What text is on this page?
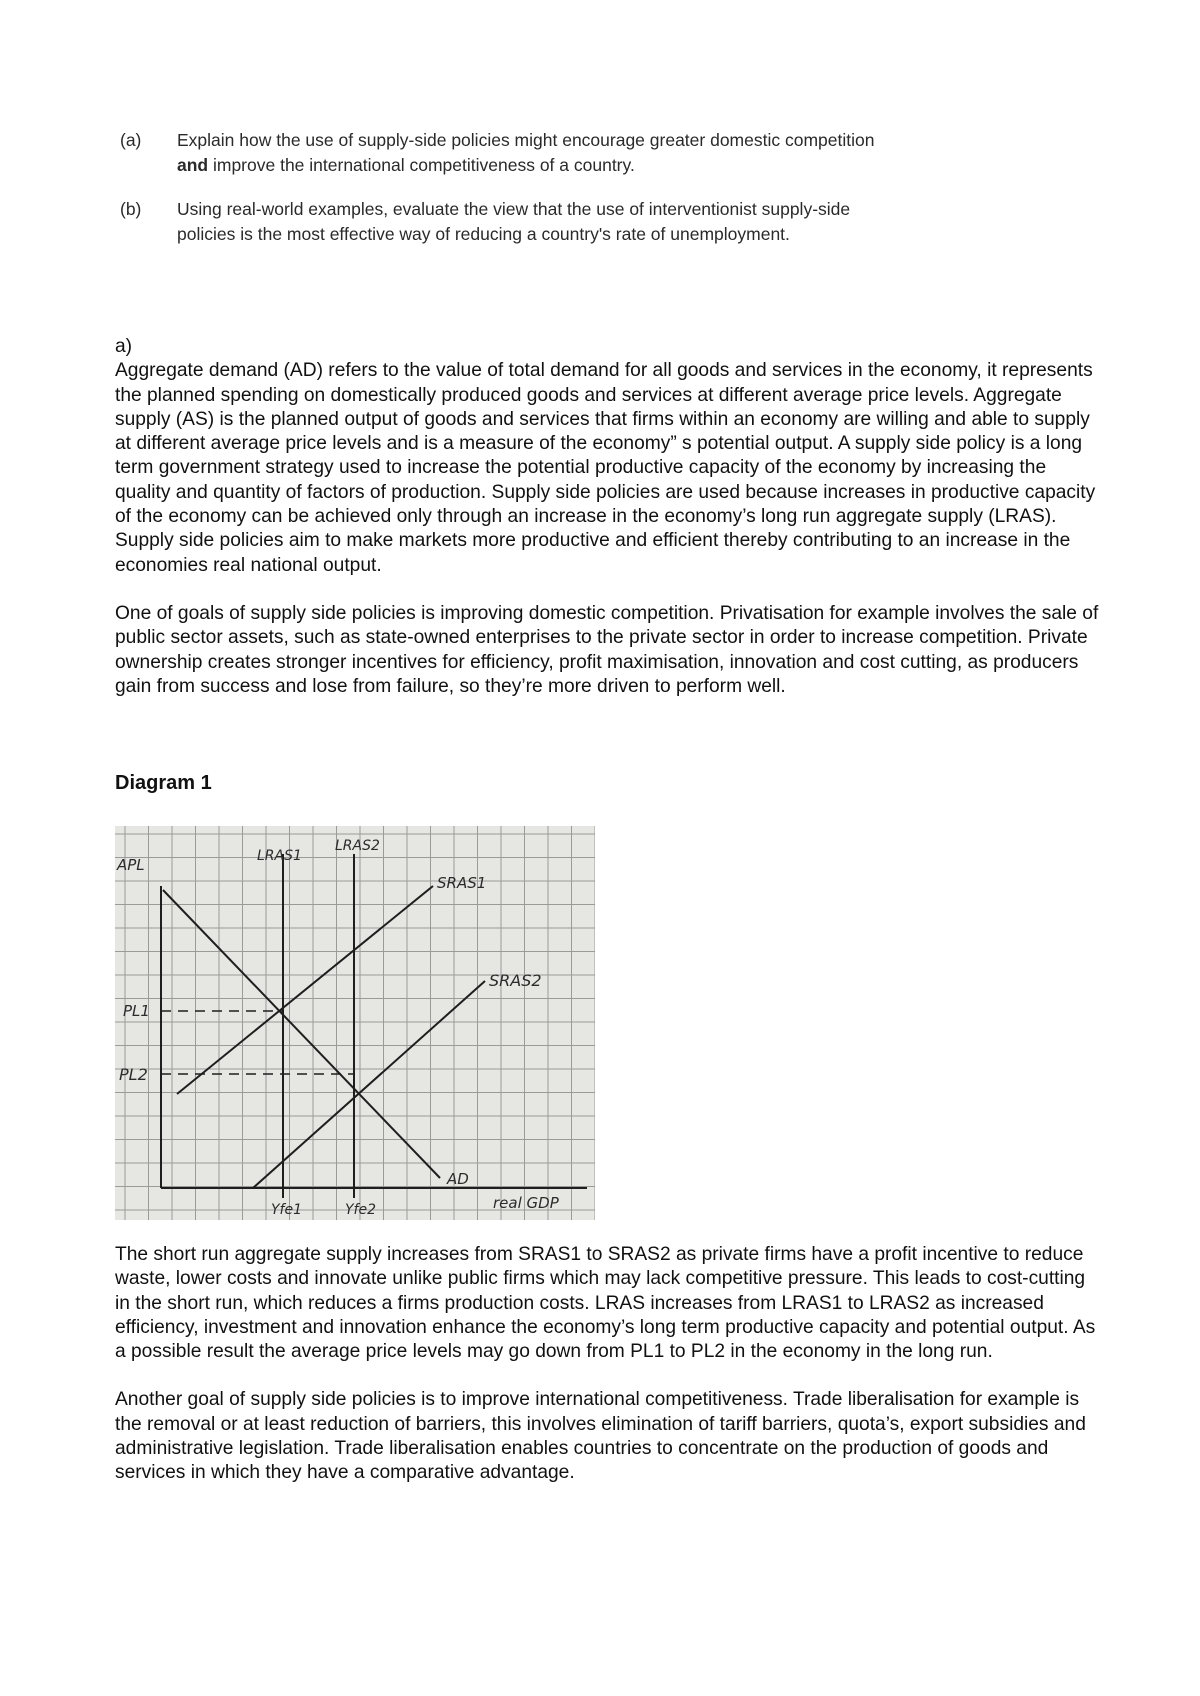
(a)	Explain how the use of supply-side policies might encourage greater domestic competition and improve the international competitiveness of a country.
(b)	Using real-world examples, evaluate the view that the use of interventionist supply-side policies is the most effective way of reducing a country's rate of unemployment.

a)

Aggregate demand (AD) refers to the value of total demand for all goods and services in the economy, it represents the planned spending on domestically produced goods and services at different average price levels. Aggregate supply (AS) is the planned output of goods and services that firms within an economy are willing and able to supply at different average price levels and is a measure of the economy” s potential output. A supply side policy is a long term government strategy used to increase the potential productive capacity of the economy by increasing the quality and quantity of factors of production. Supply side policies are used because increases in productive capacity of the economy can be achieved only through an increase in the economy’s long run aggregate supply (LRAS). Supply side policies aim to make markets more productive and efficient thereby contributing to an increase in the economies real national output.

One of goals of supply side policies is improving domestic competition. Privatisation for example involves the sale of public sector assets, such as state-owned enterprises to the private sector in order to increase competition. Private ownership creates stronger incentives for efficiency, profit maximisation, innovation and cost cutting, as producers gain from success and lose from failure, so they’re more driven to perform well.

Diagram 1
APL	LRAS1
LRAS2
SRAS1
SRAS2
AD
PL1
PL2
Yfe1	Yfe2	real GDP

The short run aggregate supply increases from SRAS1 to SRAS2 as private firms have a profit incentive to reduce waste, lower costs and innovate unlike public firms which may lack competitive pressure. This leads to cost-cutting in the short run, which reduces a firms production costs. LRAS increases from LRAS1 to LRAS2 as increased efficiency, investment and innovation enhance the economy’s long term productive capacity and potential output. As a possible result the average price levels may go down from PL1 to PL2 in the economy in the long run.

Another goal of supply side policies is to improve international competitiveness. Trade liberalisation for example is the removal or at least reduction of barriers, this involves elimination of tariff barriers, quota’s, export subsidies and administrative legislation. Trade liberalisation enables countries to concentrate on the production of goods and services in which they have a comparative advantage.
